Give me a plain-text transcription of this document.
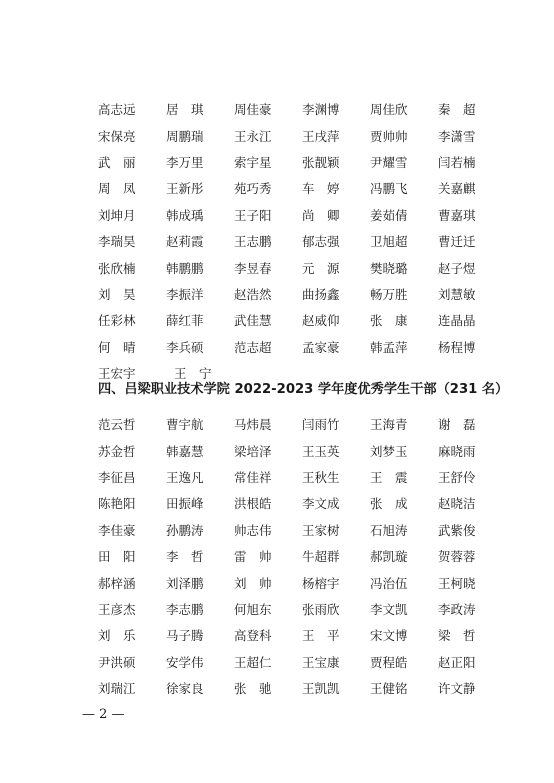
高志远	居　琪	周佳豪	李渊博	周佳欣	秦　超
宋保亮	周鹏瑞	王永江	王戌萍	贾帅帅	李潇雪
武　丽	李万里	索宇星	张靓颖	尹耀雪	闫若楠
周　凤	王新彤	苑巧秀	车　婷	冯鹏飞	关嘉麒
刘坤月	韩成瑀	王子阳	尚　卿	姜茹倩	曹嘉琪
李瑞昊	赵莉霞	王志鹏	郁志强	卫旭超	曹迁迁
张欣楠	韩鹏鹏	李昱春	元　源	樊晓璐	赵子煜
刘　昊	李振洋	赵浩然	曲扬鑫	畅万胜	刘慧敏
任彩林	薛红菲	武佳慧	赵威仰	张　康	连晶晶
何　晴	李兵硕	范志超	孟家豪	韩孟萍	杨程博
王宏宇	王　宁
四、吕梁职业技术学院 2022-2023 学年度优秀学生干部（231 名）
范云哲	曹宇航	马炜晨	闫雨竹	王海青	谢　磊
苏金哲	韩嘉慧	梁培泽	王玉英	刘梦玉	麻晓雨
李征昌	王逸凡	常佳祥	王秋生	王　震	王舒伶
陈艳阳	田振峰	洪根皓	李文成	张　成	赵晓洁
李佳豪	孙鹏涛	帅志伟	王家树	石旭涛	武紫俊
田　阳	李　哲	雷　帅	牛超群	郝凯璇	贺蓉蓉
郝梓涵	刘泽鹏	刘　帅	杨榕宇	冯治伍	王柯晓
王彦杰	李志鹏	何旭东	张雨欣	李文凯	李政涛
刘　乐	马子腾	高登科	王　平	宋文博	梁　哲
尹洪硕	安学伟	王超仁	王宝康	贾程皓	赵正阳
刘瑞江	徐家良	张　驰	王凯凯	王健铭	许文静
— 2 —
